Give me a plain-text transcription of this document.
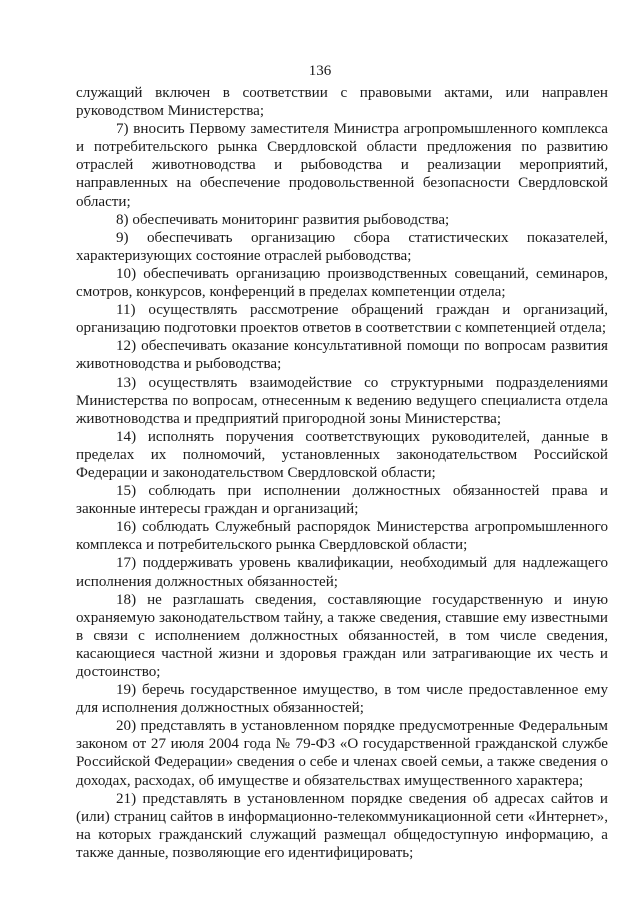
136

служащий включен в соответствии с правовыми актами, или направлен руководством Министерства;

7) вносить Первому заместителя Министра агропромышленного комплекса и потребительского рынка Свердловской области предложения по развитию отраслей животноводства и рыбоводства и реализации мероприятий, направленных на обеспечение продовольственной безопасности Свердловской области;

8) обеспечивать мониторинг развития рыбоводства;

9) обеспечивать организацию сбора статистических показателей, характеризующих состояние отраслей рыбоводства;

10) обеспечивать организацию производственных совещаний, семинаров, смотров, конкурсов, конференций в пределах компетенции отдела;

11) осуществлять рассмотрение обращений граждан и организаций, организацию подготовки проектов ответов в соответствии с компетенцией отдела;

12) обеспечивать оказание консультативной помощи по вопросам развития животноводства и рыбоводства;

13) осуществлять взаимодействие со структурными подразделениями Министерства по вопросам, отнесенным к ведению ведущего специалиста отдела животноводства и предприятий пригородной зоны Министерства;

14) исполнять поручения соответствующих руководителей, данные в пределах их полномочий, установленных законодательством Российской Федерации и законодательством Свердловской области;

15) соблюдать при исполнении должностных обязанностей права и законные интересы граждан и организаций;

16) соблюдать Служебный распорядок Министерства агропромышленного комплекса и потребительского рынка Свердловской области;

17) поддерживать уровень квалификации, необходимый для надлежащего исполнения должностных обязанностей;

18) не разглашать сведения, составляющие государственную и иную охраняемую законодательством тайну, а также сведения, ставшие ему известными в связи с исполнением должностных обязанностей, в том числе сведения, касающиеся частной жизни и здоровья граждан или затрагивающие их честь и достоинство;

19) беречь государственное имущество, в том числе предоставленное ему для исполнения должностных обязанностей;

20) представлять в установленном порядке предусмотренные Федеральным законом от 27 июля 2004 года № 79-ФЗ «О государственной гражданской службе Российской Федерации» сведения о себе и членах своей семьи, а также сведения о доходах, расходах, об имуществе и обязательствах имущественного характера;

21) представлять в установленном порядке сведения об адресах сайтов и (или) страниц сайтов в информационно-телекоммуникационной сети «Интернет», на которых гражданский служащий размещал общедоступную информацию, а также данные, позволяющие его идентифицировать;
